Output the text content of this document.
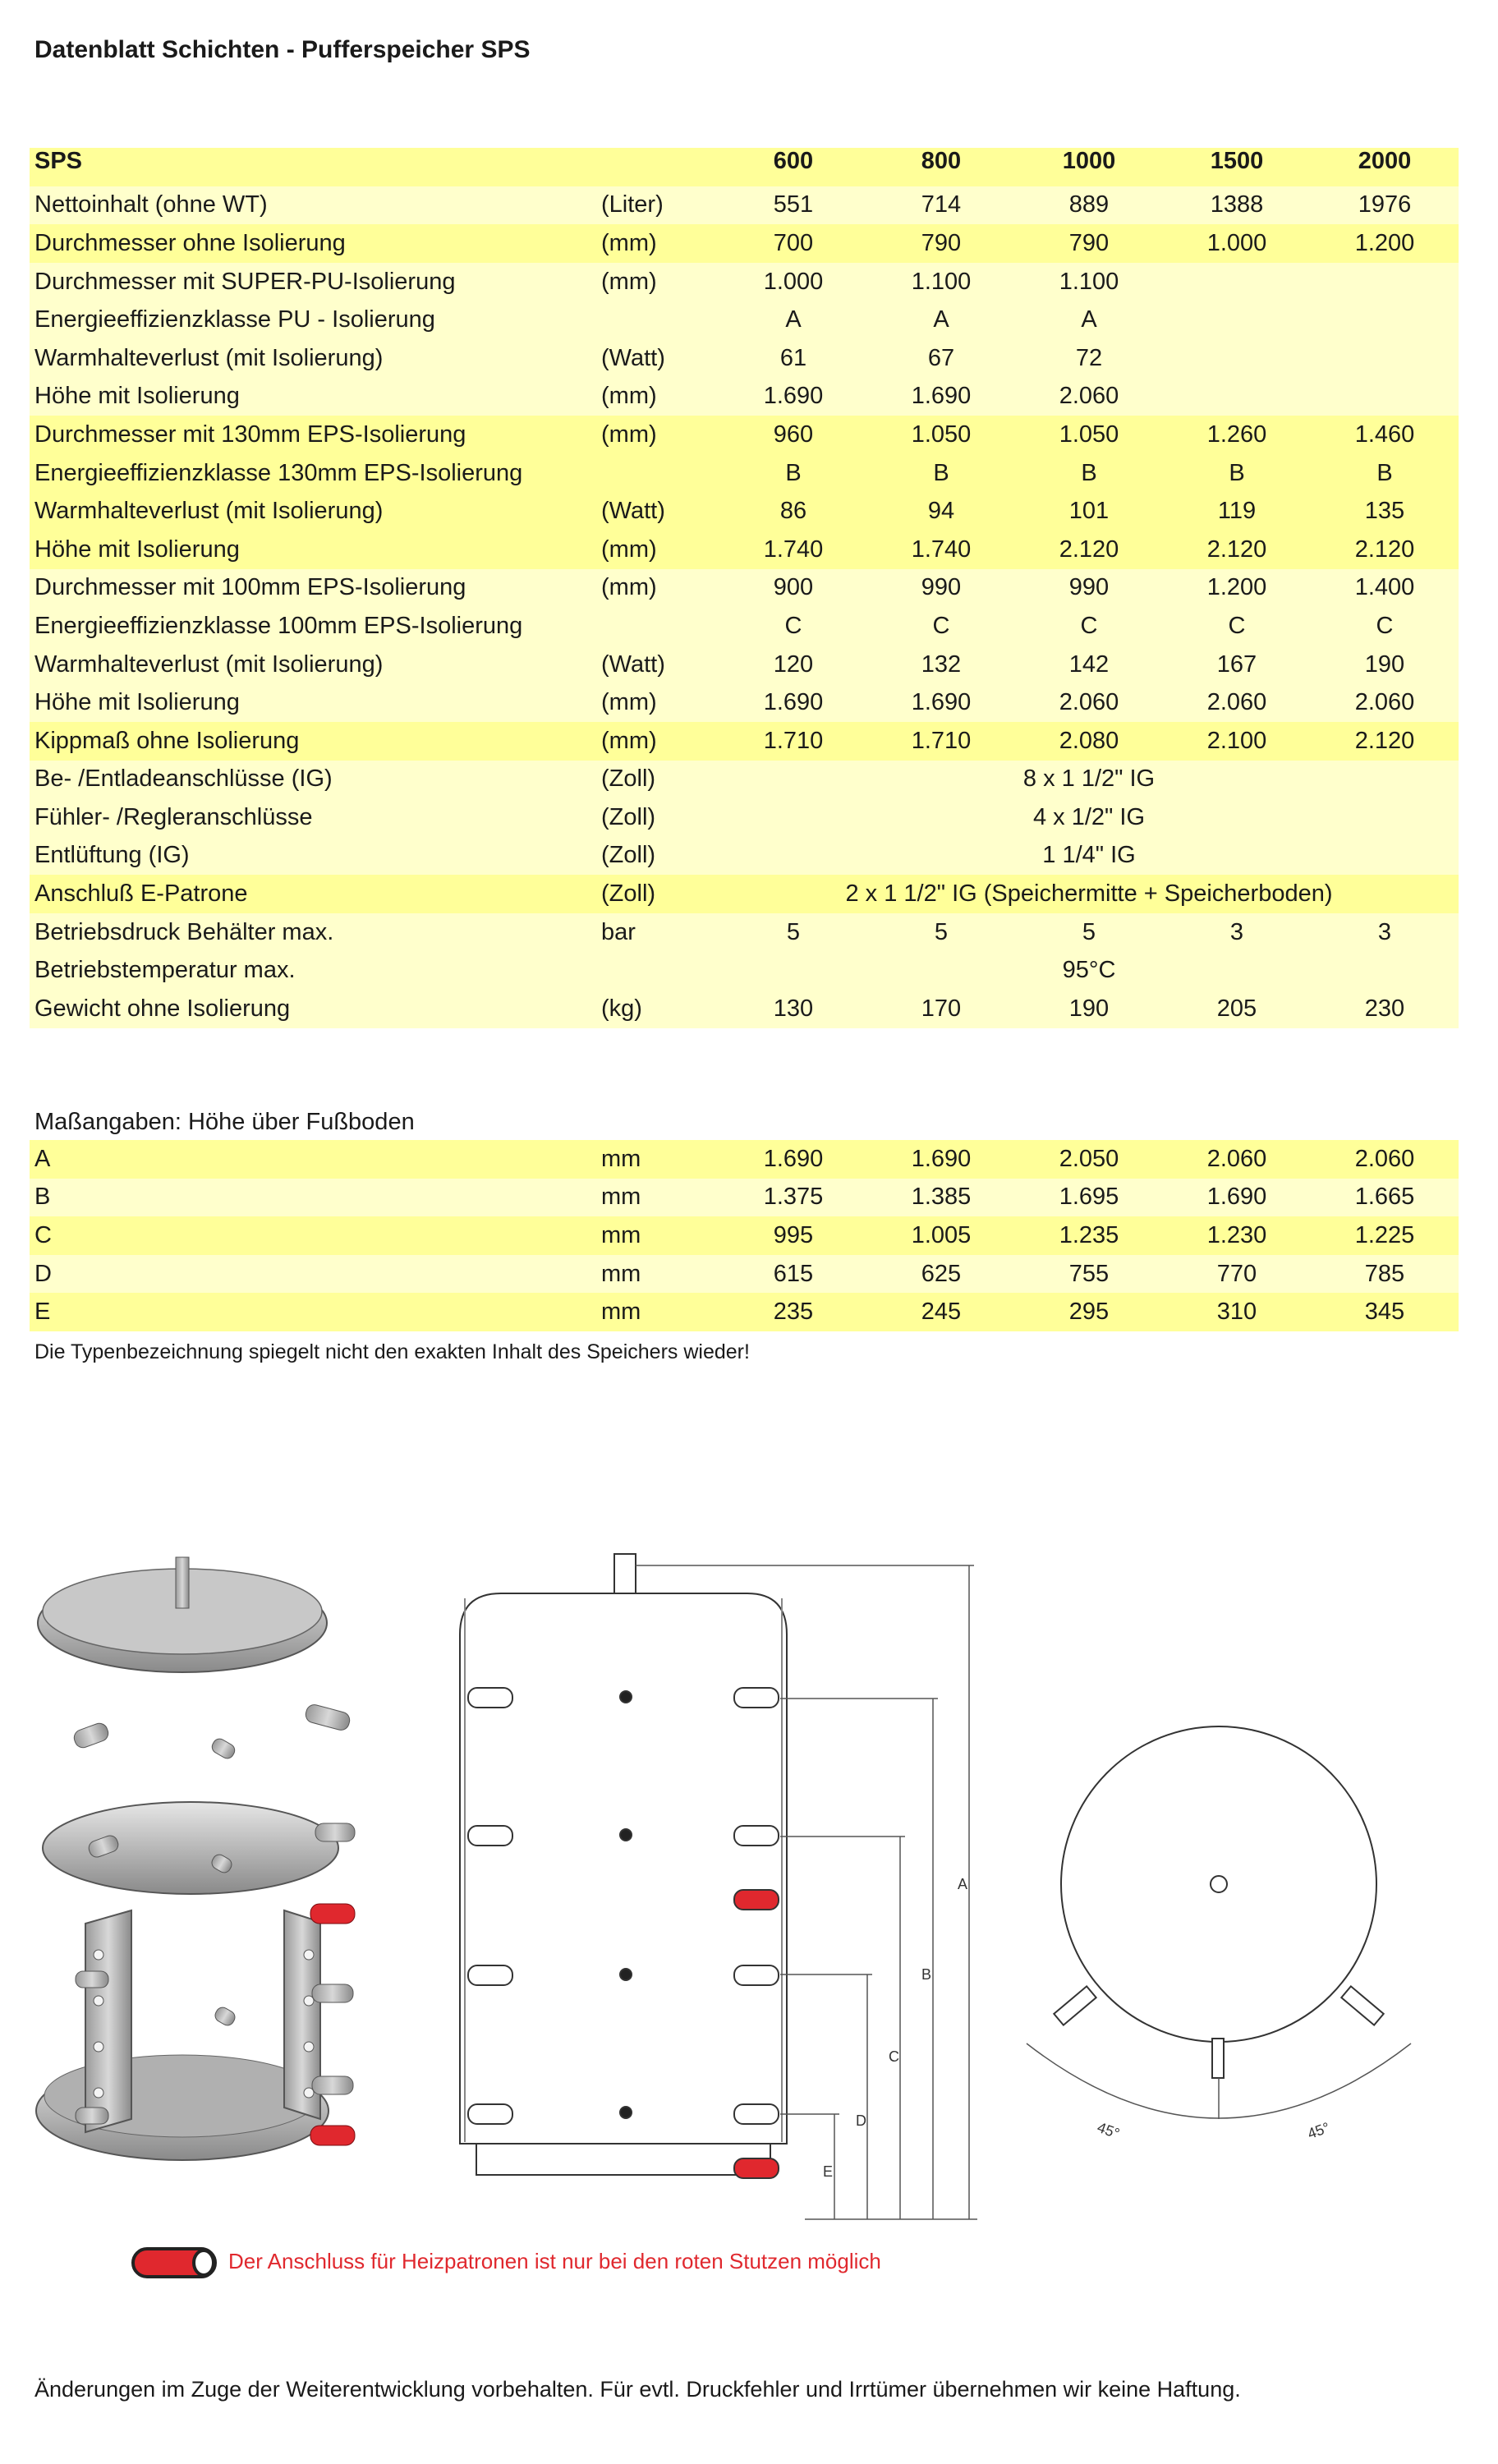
Datenblatt Schichten - Pufferspeicher SPS
SPS		600	800	1000	1500	2000
Nettoinhalt (ohne WT)	(Liter)	551	714	889	1388	1976
Durchmesser ohne Isolierung	(mm)	700	790	790	1.000	1.200
Durchmesser mit SUPER-PU-Isolierung	(mm)	1.000	1.100	1.100		
Energieeffizienzklasse PU - Isolierung		A	A	A		
Warmhalteverlust (mit Isolierung)	(Watt)	61	67	72		
Höhe mit Isolierung	(mm)	1.690	1.690	2.060		
Durchmesser mit 130mm EPS-Isolierung	(mm)	960	1.050	1.050	1.260	1.460
Energieeffizienzklasse 130mm EPS-Isolierung		B	B	B	B	B
Warmhalteverlust (mit Isolierung)	(Watt)	86	94	101	119	135
Höhe mit Isolierung	(mm)	1.740	1.740	2.120	2.120	2.120
Durchmesser mit 100mm EPS-Isolierung	(mm)	900	990	990	1.200	1.400
Energieeffizienzklasse 100mm EPS-Isolierung		C	C	C	C	C
Warmhalteverlust (mit Isolierung)	(Watt)	120	132	142	167	190
Höhe mit Isolierung	(mm)	1.690	1.690	2.060	2.060	2.060
Kippmaß ohne Isolierung	(mm)	1.710	1.710	2.080	2.100	2.120
Be- /Entladeanschlüsse (IG)	(Zoll)	8 x 1 1/2" IG				
Fühler- /Regleranschlüsse	(Zoll)	4 x 1/2" IG				
Entlüftung (IG)	(Zoll)	1 1/4" IG				
Anschluß E-Patrone	(Zoll)	2 x 1 1/2" IG (Speichermitte + Speicherboden)				
Betriebsdruck Behälter max.	bar	5	5	5	3	3
Betriebstemperatur max.		95°C				
Gewicht ohne Isolierung	(kg)	130	170	190	205	230
Maßangaben: Höhe über Fußboden
A	mm	1.690	1.690	2.050	2.060	2.060
B	mm	1.375	1.385	1.695	1.690	1.665
C	mm	995	1.005	1.235	1.230	1.225
D	mm	615	625	755	770	785
E	mm	235	245	295	310	345
Die Typenbezeichnung spiegelt nicht den exakten Inhalt des Speichers wieder!
A
B
C
D
E
45°	45°
Der Anschluss für Heizpatronen ist nur bei den roten Stutzen möglich
Änderungen im Zuge der Weiterentwicklung vorbehalten. Für evtl. Druckfehler und Irrtümer übernehmen wir keine Haftung.
